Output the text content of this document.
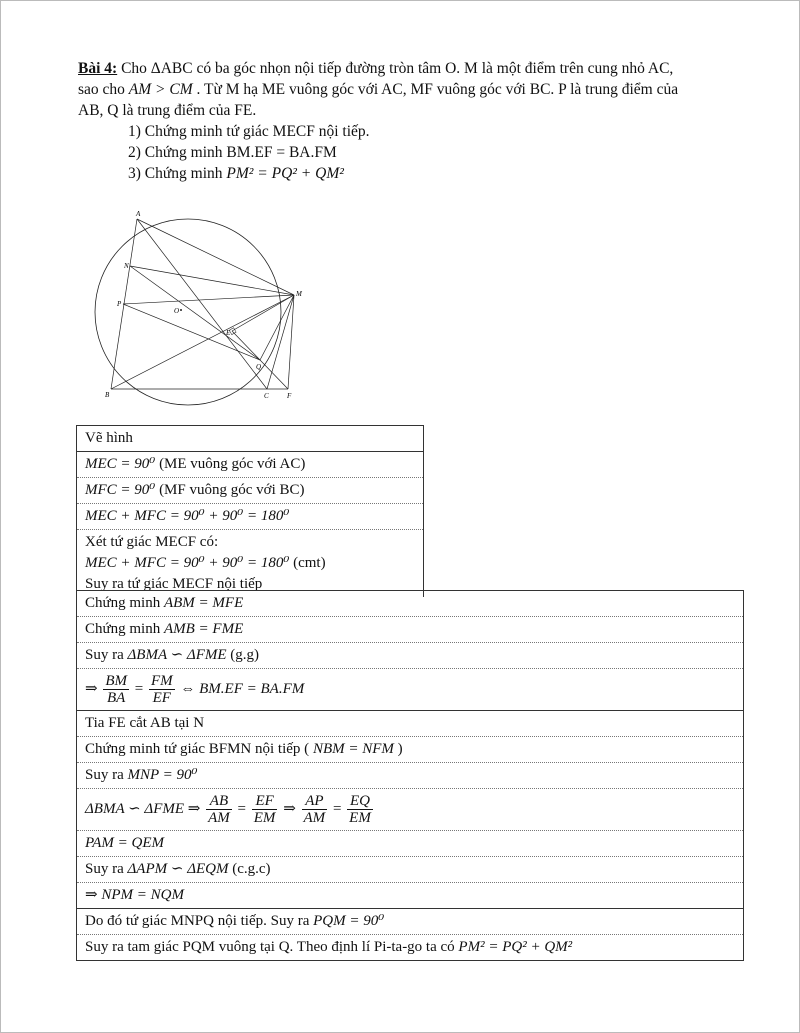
Bài 4: Cho ΔABC có ba góc nhọn nội tiếp đường tròn tâm O. M là một điểm trên cung nhỏ AC,

sao cho AM > CM . Từ M hạ ME vuông góc với AC, MF vuông góc với BC. P là trung điểm của

AB, Q là trung điểm của FE.

1) Chứng minh tứ giác MECF nội tiếp.

2) Chứng minh BM.EF = BA.FM

3) Chứng minh PM² = PQ² + QM²

A
N
P
O
M
E
Q
B	C	F
Vẽ hình
MEC = 90⁰ (ME vuông góc với AC)
MFC = 90⁰ (MF vuông góc với BC)
MEC + MFC = 90⁰ + 90⁰ = 180⁰
Xét tứ giác MECF có:
MEC + MFC = 90⁰ + 90⁰ = 180⁰ (cmt)
Suy ra tứ giác MECF nội tiếp
Chứng minh ABM = MFE
Chứng minh AMB = FME
Suy ra ΔBMA ∽ ΔFME (g.g)
⇒ $\frac{BM}{BA} = \frac{FM}{EF}$ ⇔ BM.EF = BA.FM
Tia FE cắt AB tại N
Chứng minh tứ giác BFMN nội tiếp ( NBM = NFM )
Suy ra MNP = 90⁰
ΔBMA ∽ ΔFME ⇒ $\frac{AB}{AM} = \frac{EF}{EM}$ ⇒ $\frac{AP}{AM} = \frac{EQ}{EM}$
PAM = QEM
Suy ra ΔAPM ∽ ΔEQM (c.g.c)
⇒ NPM = NQM
Do đó tứ giác MNPQ nội tiếp. Suy ra PQM = 90⁰
Suy ra tam giác PQM vuông tại Q. Theo định lí Pi-ta-go ta có PM² = PQ² + QM²
